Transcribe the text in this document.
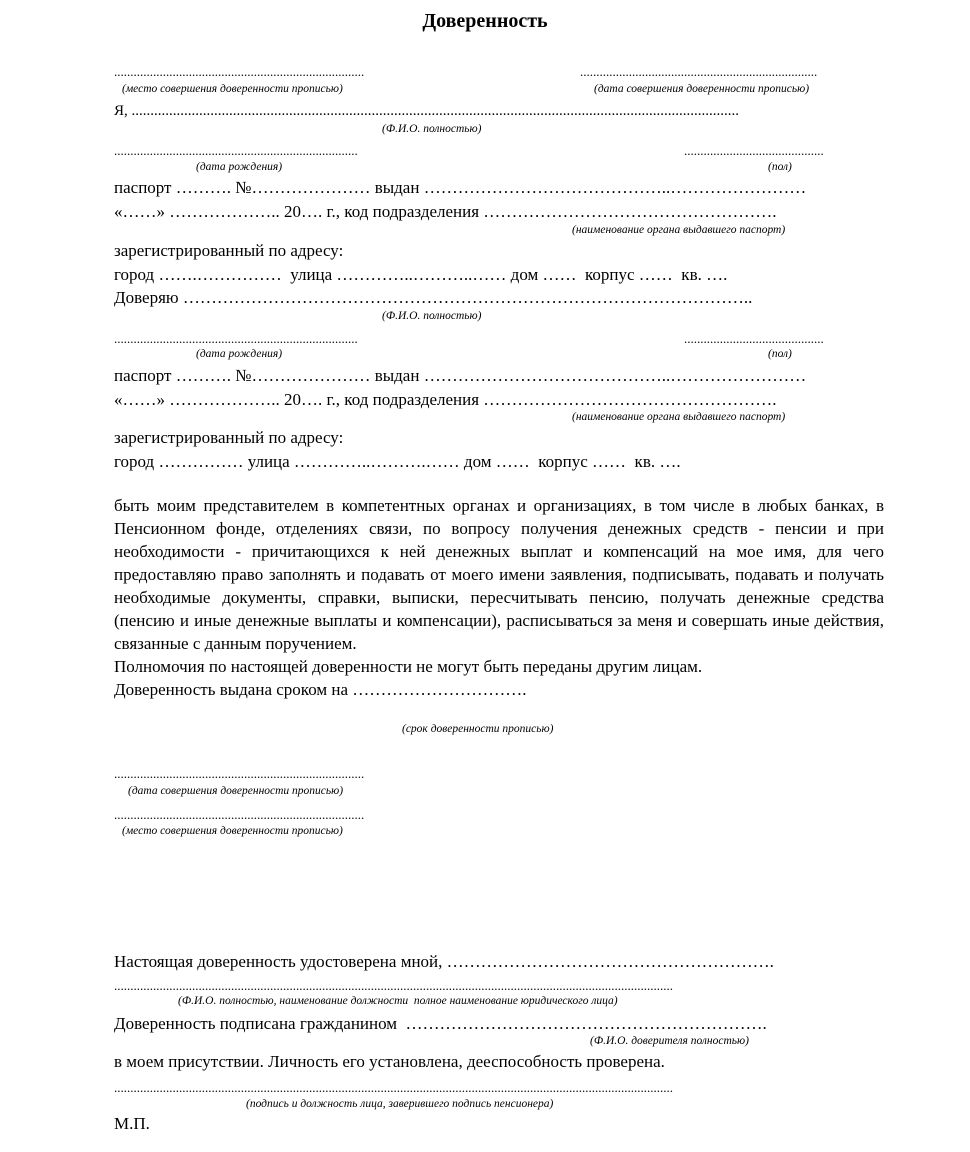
Доверенность
.............................................................................	.........................................................................
(место совершения доверенности прописью)	(дата совершения доверенности прописью)
Я, ..................................................................................................................................................................
(Ф.И.О. полностью)
...........................................................................	...........................................
(дата рождения)	(пол)
паспорт ………. №………………… выдан ……………………………………..……………………
«……» ……………….. 20…. г., код подразделения …………………………………………….
(наименование органа выдавшего паспорт)
зарегистрированный по адресу:
город …….……………  улица …………..………..…… дом ……  корпус ……  кв. ….
Доверяю ………………………………………………………………………………………..
(Ф.И.О. полностью)
...........................................................................	...........................................
(дата рождения)	(пол)
паспорт ………. №………………… выдан ……………………………………..……………………
«……» ……………….. 20…. г., код подразделения …………………………………………….
(наименование органа выдавшего паспорт)
зарегистрированный по адресу:
город …………… улица …………..……….…… дом ……  корпус ……  кв. ….

быть моим представителем в компетентных органах и организациях, в том числе в любых банках, в Пенсионном фонде, отделениях связи, по вопросу получения денежных средств - пенсии и при необходимости - причитающихся к ней денежных выплат и компенсаций на мое имя, для чего предоставляю право заполнять и подавать от моего имени заявления, подписывать, подавать и получать необходимые документы, справки, выписки, пересчитывать пенсию, получать денежные средства (пенсию и иные денежные выплаты и компенсации), расписываться за меня и совершать иные действия, связанные с данным поручением.

Полномочия по настоящей доверенности не могут быть переданы другим лицам.

Доверенность выдана сроком на ………………………….

(срок доверенности прописью)
.............................................................................
(дата совершения доверенности прописью)
.............................................................................
(место совершения доверенности прописью)
Настоящая доверенность удостоверена мной, ………………………………………………….
............................................................................................................................................................................
(Ф.И.О. полностью, наименование должности  полное наименование юридического лица)
Доверенность подписана гражданином  ……………………………………………………….
(Ф.И.О. доверителя полностью)
в моем присутствии. Личность его установлена, дееспособность проверена.
............................................................................................................................................................................
(подпись и должность лица, заверившего подпись пенсионера)
М.П.
